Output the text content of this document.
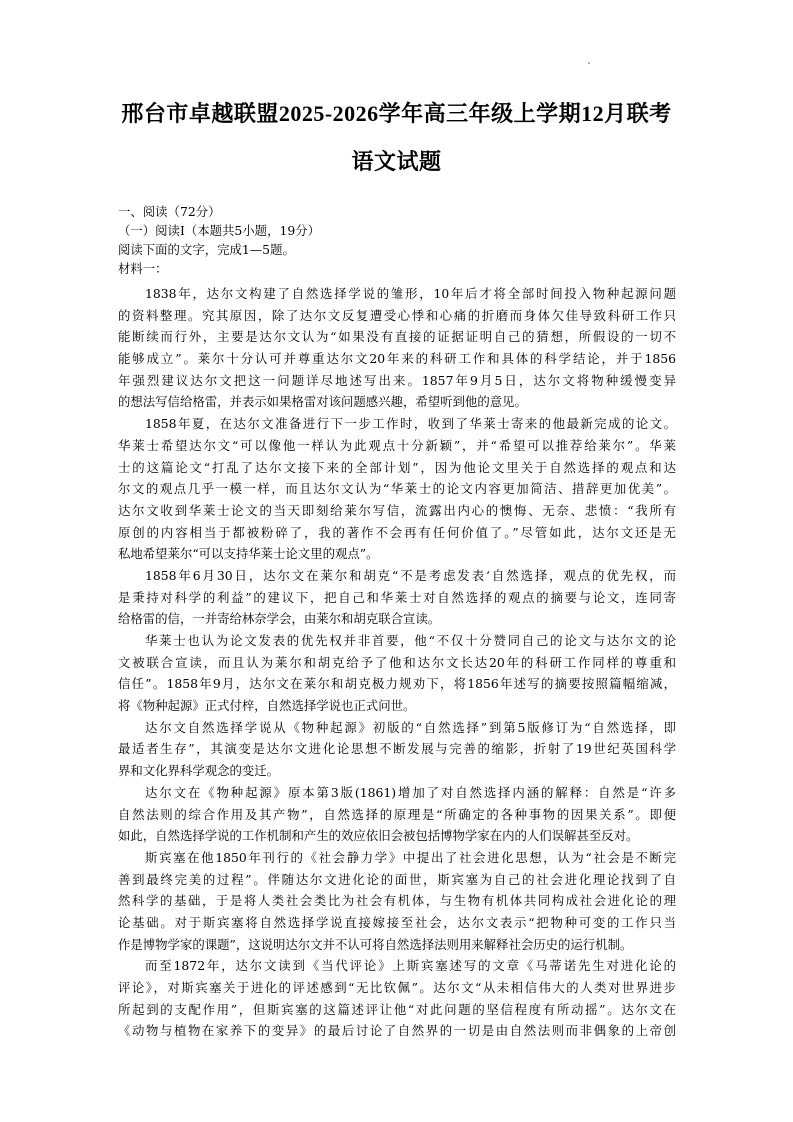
邢台市卓越联盟2025-2026学年高三年级上学期12月联考
语文试题
一、阅读（72分）
（一）阅读I（本题共5小题，19分）
阅读下面的文字，完成1—5题。
材料一：
1838年，达尔文构建了自然选择学说的雏形，10年后才将全部时间投入物种起源问题
的资料整理。究其原因，除了达尔文反复遭受心悸和心痛的折磨而身体欠佳导致科研工作只
能断续而行外，主要是达尔文认为“如果没有直接的证据证明自己的猜想，所假设的一切不
能够成立”。莱尔十分认可并尊重达尔文20年来的科研工作和具体的科学结论，并于1856
年强烈建议达尔文把这一问题详尽地述写出来。1857年9月5日，达尔文将物种缓慢变异
的想法写信给格雷，并表示如果格雷对该问题感兴趣，希望听到他的意见。
1858年夏，在达尔文准备进行下一步工作时，收到了华莱士寄来的他最新完成的论文。
华莱士希望达尔文“可以像他一样认为此观点十分新颖”，并“希望可以推荐给莱尔”。华莱
士的这篇论文“打乱了达尔文接下来的全部计划”，因为他论文里关于自然选择的观点和达
尔文的观点几乎一模一样，而且达尔文认为“华莱士的论文内容更加简洁、措辞更加优美”。
达尔文收到华莱士论文的当天即刻给莱尔写信，流露出内心的懊悔、无奈、悲愤：“我所有
原创的内容相当于都被粉碎了，我的著作不会再有任何价值了。”尽管如此，达尔文还是无
私地希望莱尔“可以支持华莱士论文里的观点”。
1858年6月30日，达尔文在莱尔和胡克“不是考虑发表‘自然选择，观点的优先权，而
是秉持对科学的利益”的建议下，把自己和华莱士对自然选择的观点的摘要与论文，连同寄
给格雷的信，一并寄给林奈学会，由莱尔和胡克联合宣读。
华莱士也认为论文发表的优先权并非首要，他“不仅十分赞同自己的论文与达尔文的论
文被联合宣读，而且认为莱尔和胡克给予了他和达尔文长达20年的科研工作同样的尊重和
信任”。1858年9月，达尔文在莱尔和胡克极力规劝下，将1856年述写的摘要按照篇幅缩减，
将《物种起源》正式付梓，自然选择学说也正式问世。
达尔文自然选择学说从《物种起源》初版的“自然选择”到第5版修订为“自然选择，即
最适者生存”，其演变是达尔文进化论思想不断发展与完善的缩影，折射了19世纪英国科学
界和文化界科学观念的变迁。
达尔文在《物种起源》原本第3版(1861)增加了对自然选择内涵的解释：自然是“许多
自然法则的综合作用及其产物”，自然选择的原理是“所确定的各种事物的因果关系”。即便
如此，自然选择学说的工作机制和产生的效应依旧会被包括博物学家在内的人们误解甚至反对。
斯宾塞在他1850年刊行的《社会静力学》中提出了社会进化思想，认为“社会是不断完
善到最终完美的过程”。伴随达尔文进化论的面世，斯宾塞为自己的社会进化理论找到了自
然科学的基础，于是将人类社会类比为社会有机体，与生物有机体共同构成社会进化论的理
论基础。对于斯宾塞将自然选择学说直接嫁接至社会，达尔文表示“把物种可变的工作只当
作是博物学家的课题”，这说明达尔文并不认可将自然选择法则用来解释社会历史的运行机制。
而至1872年，达尔文读到《当代评论》上斯宾塞述写的文章《马蒂诺先生对进化论的
评论》，对斯宾塞关于进化的评述感到“无比钦佩”。达尔文“从未相信伟大的人类对世界进步
所起到的支配作用”，但斯宾塞的这篇述评让他“对此问题的坚信程度有所动摇”。达尔文在
《动物与植物在家养下的变异》的最后讨论了自然界的一切是由自然法则而非偶象的上帝创
